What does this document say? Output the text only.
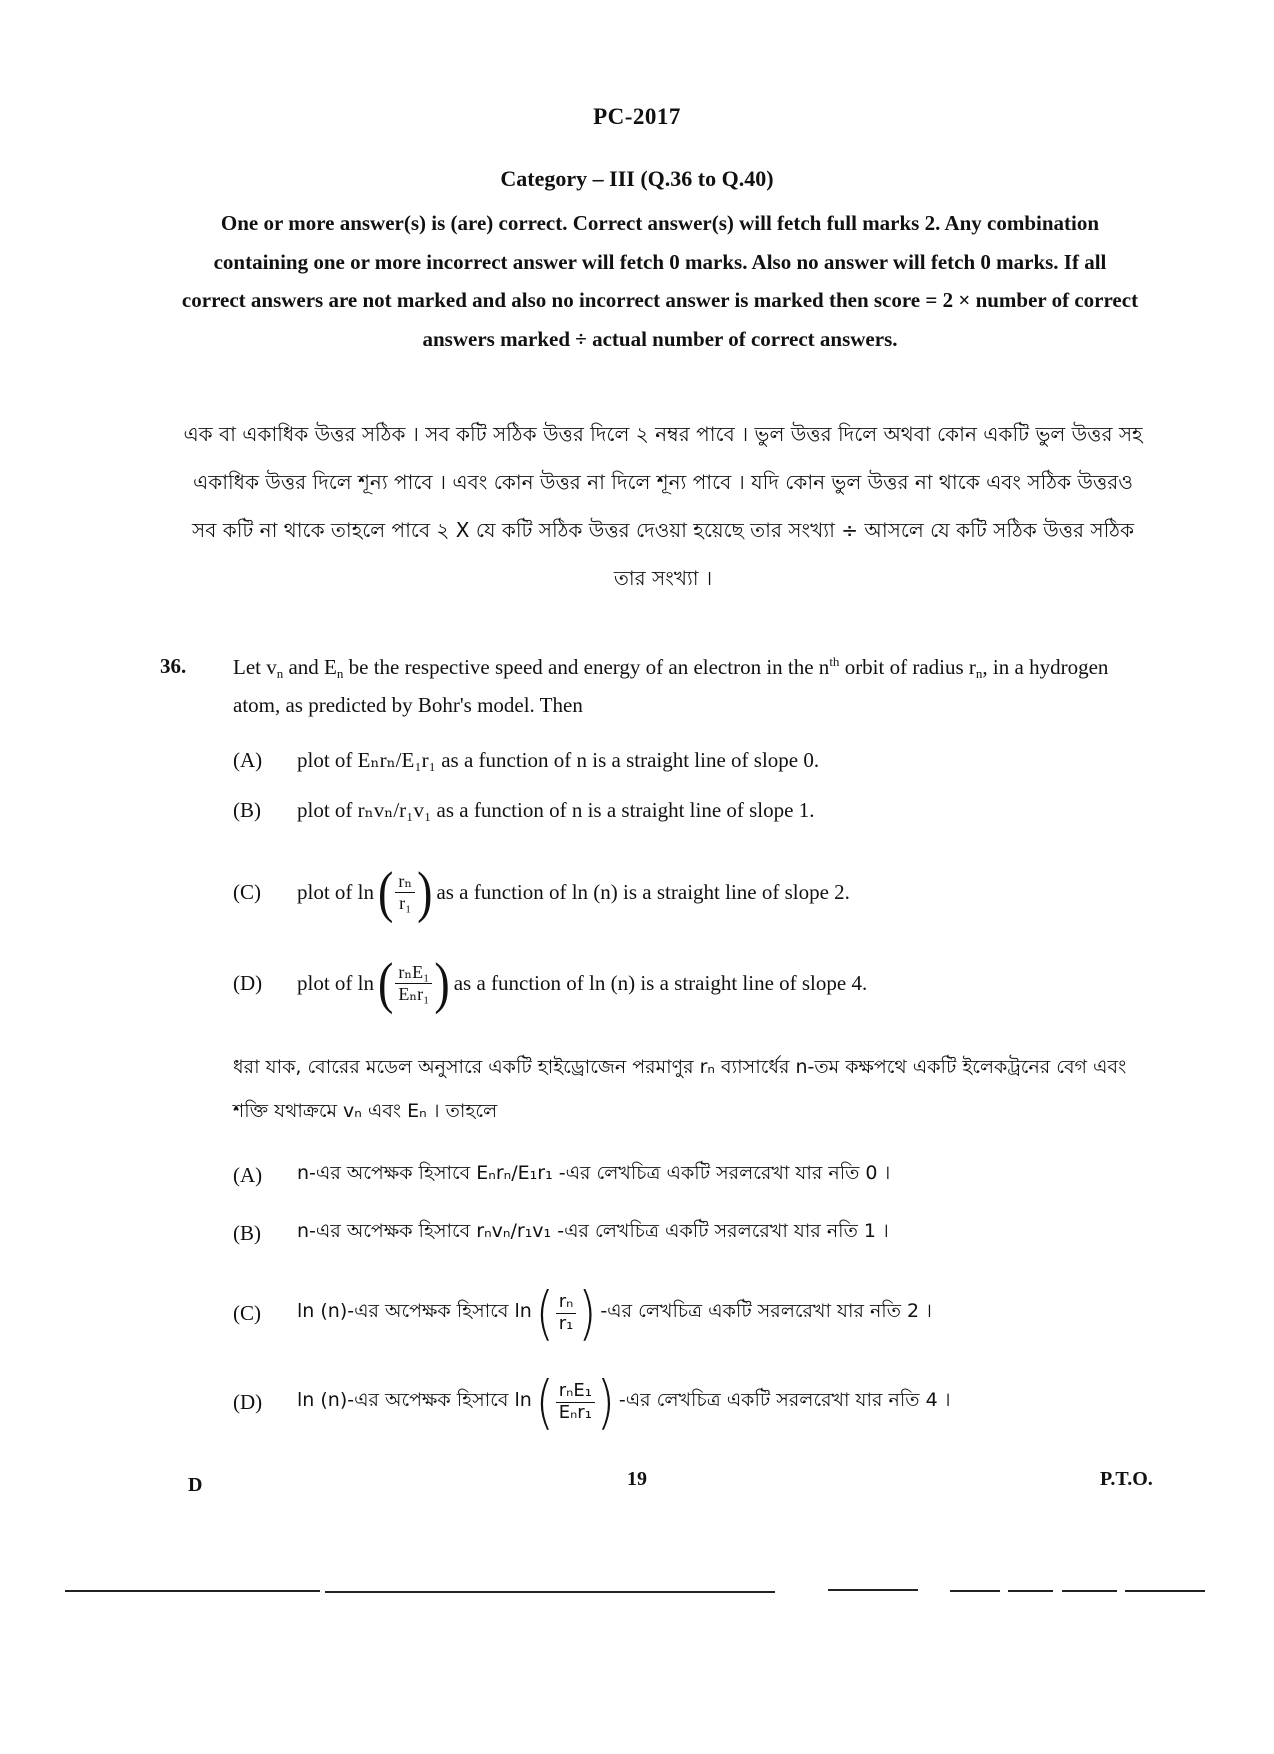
PC-2017
Category – III (Q.36 to Q.40)
One or more answer(s) is (are) correct. Correct answer(s) will fetch full marks 2. Any combination containing one or more incorrect answer will fetch 0 marks. Also no answer will fetch 0 marks. If all correct answers are not marked and also no incorrect answer is marked then score = 2 × number of correct answers marked ÷ actual number of correct answers.
এক বা একাধিক উত্তর সঠিক । সব কটি সঠিক উত্তর দিলে ২ নম্বর পাবে । ভুল উত্তর দিলে অথবা কোন একটি ভুল উত্তর সহ একাধিক উত্তর দিলে শূন্য পাবে । এবং কোন উত্তর না দিলে শূন্য পাবে । যদি কোন ভুল উত্তর না থাকে এবং সঠিক উত্তরও সব কটি না থাকে তাহলে পাবে ২ X যে কটি সঠিক উত্তর দেওয়া হয়েছে তার সংখ্যা ÷ আসলে যে কটি সঠিক উত্তর সঠিক তার সংখ্যা ।
36. Let $v_n$ and $E_n$ be the respective speed and energy of an electron in the $n^{th}$ orbit of radius $r_n$, in a hydrogen atom, as predicted by Bohr's model. Then
(A)	plot of Eₙrₙ/E₁r₁ as a function of n is a straight line of slope 0.
(B)	plot of rₙvₙ/r₁v₁ as a function of n is a straight line of slope 1.
(C)	plot of ln ( $\frac{\text{rₙ}}{\text{r₁}}$ ) as a function of ln (n) is a straight line of slope 2.
(D)	plot of ln ( $\frac{\text{rₙE₁}}{\text{Eₙr₁}}$ ) as a function of ln (n) is a straight line of slope 4.
ধরা যাক, বোরের মডেল অনুসারে একটি হাইড্রোজেন পরমাণুর rₙ ব্যাসার্ধের n-তম কক্ষপথে একটি ইলেকট্রনের বেগ এবং শক্তি যথাক্রমে vₙ এবং Eₙ । তাহলে
(A)	n-এর অপেক্ষক হিসাবে Eₙrₙ/E₁r₁ -এর লেখচিত্র একটি সরলরেখা যার নতি 0 ।
(B)	n-এর অপেক্ষক হিসাবে rₙvₙ/r₁v₁ -এর লেখচিত্র একটি সরলরেখা যার নতি 1 ।
(C)	ln (n)-এর অপেক্ষক হিসাবে ln ( $\frac{\text{rₙ}}{\text{r₁}}$ ) -এর লেখচিত্র একটি সরলরেখা যার নতি 2 ।
(D)	ln (n)-এর অপেক্ষক হিসাবে ln ( $\frac{\text{rₙE₁}}{\text{Eₙr₁}}$ ) -এর লেখচিত্র একটি সরলরেখা যার নতি 4 ।
D	19	P.T.O.
